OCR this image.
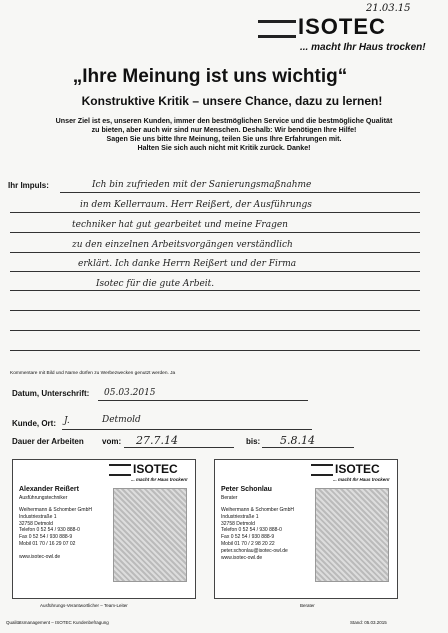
21.03.15
ISOTEC
... macht Ihr Haus trocken!
„Ihre Meinung ist uns wichtig“
Konstruktive Kritik – unsere Chance, dazu zu lernen!
Unser Ziel ist es, unseren Kunden, immer den bestmöglichen Service und die bestmögliche Qualität
zu bieten, aber auch wir sind nur Menschen. Deshalb: Wir benötigen Ihre Hilfe!
Sagen Sie uns bitte Ihre Meinung, teilen Sie uns Ihre Erfahrungen mit.
Halten Sie sich auch nicht mit Kritik zurück. Danke!
Ihr Impuls:	Ich bin zufrieden mit der Sanierungsmaßnahme
in dem Kellerraum. Herr Reißert, der Ausführungs
techniker hat gut gearbeitet und meine Fragen
zu den einzelnen Arbeitsvorgängen verständlich
erklärt. Ich danke Herrn Reißert und der Firma
Isotec für die gute Arbeit.
Kommentare mit Bild und Name dürfen zu Werbezwecken genutzt werden. Ja
Datum, Unterschrift: 05.03.2015
Kunde, Ort: J.	Detmold
Dauer der Arbeiten vom: 27.7.14	bis: 5.8.14
ISOTEC
... macht Ihr Haus trocken!
Alexander Reißert
Ausführungstechniker
Weihermann & Schomber GmbH
Industriestraße 1
32758 Detmold
Telefon 0 52 54 / 930 888-0
Fax 0 52 54 / 930 888-9
Mobil 01 70 / 16 29 07 02
www.isotec-owl.de
Ausführungs-Verantwortlicher – Team-Leiter
ISOTEC
... macht Ihr Haus trocken!
Peter Schonlau
Berater
Weihermann & Schomber GmbH
Industriestraße 1
32758 Detmold
Telefon 0 52 54 / 930 888-0
Fax 0 52 54 / 930 888-9
Mobil 01 70 / 2 98 20 22
peter.schonlau@isotec-owl.de
www.isotec-owl.de
Berater
Qualitätsmanagement – ISOTEC Kundenbefragung	Stand: 05.03.2015
